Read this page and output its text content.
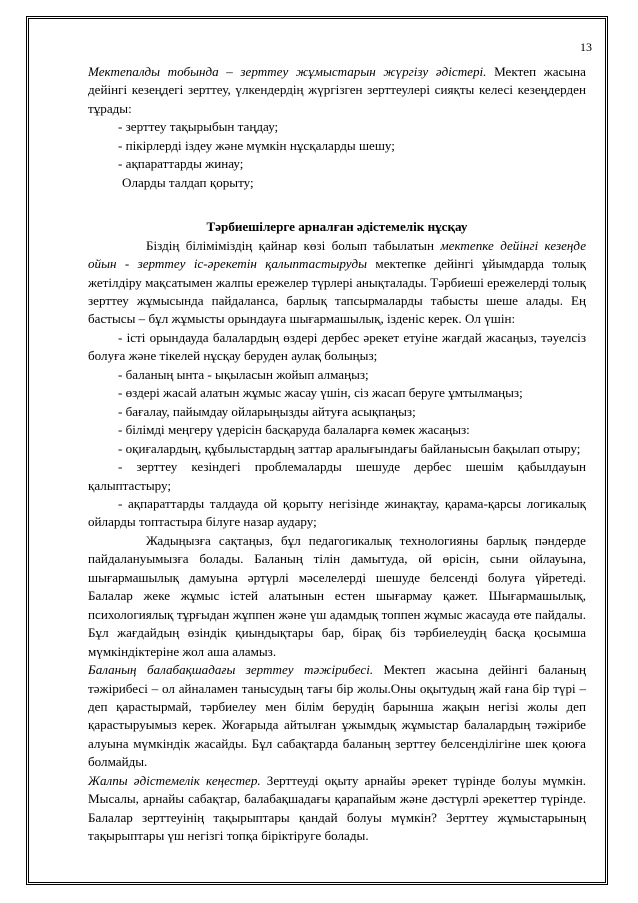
13

Мектепалды тобында – зерттеу жұмыстарын жүргізу әдістері. Мектеп жасына дейінгі кезеңдегі зерттеу, үлкендердің жүргізген зерттеулері сияқты келесі кезеңдерден тұрады:

- зерттеу тақырыбын таңдау;

- пікірлерді іздеу және мүмкін нұсқаларды шешу;

- ақпараттарды жинау;

Оларды талдап қорыту;

Тәрбиешілерге арналған әдістемелік нұсқау

Біздің біліміміздің қайнар көзі болып табылатын мектепке дейінгі кезеңде ойын - зерттеу іс-әрекетін қалыптастыруды мектепке дейінгі ұйымдарда толық жетілдіру мақсатымен жалпы ережелер түрлері анықталады. Тәрбиеші ережелерді толық зерттеу жұмысында пайдаланса, барлық тапсырмаларды табысты шеше алады. Ең бастысы – бұл жұмысты орындауға шығармашылық, ізденіс керек. Ол үшін:

- істі орындауда балалардың өздері дербес әрекет етуіне жағдай жасаңыз, тәуелсіз болуға және тікелей нұсқау беруден аулақ болыңыз;

- баланың ынта - ықыласын жойып алмаңыз;

- өздері жасай алатын жұмыс жасау үшін, сіз жасап беруге ұмтылмаңыз;

- бағалау, пайымдау ойларыңызды айтуға асықпаңыз;

- білімді меңгеру үдерісін басқаруда балаларға көмек жасаңыз:

- оқиғалардың, құбылыстардың заттар аралығындағы байланысын бақылап отыру;

- зерттеу кезіндегі проблемаларды шешуде дербес шешім қабылдауын қалыптастыру;

- ақпараттарды талдауда ой қорыту негізінде жинақтау, қарама-қарсы логикалық ойларды топтастыра білуге назар аудару;

Жадыңызға сақтаңыз, бұл педагогикалық технологияны барлық пәндерде пайдалануымызға болады. Баланың тілін дамытуда, ой өрісін, сыни ойлауына, шығармашылық дамуына әртүрлі мәселелерді шешуде белсенді болуға үйретеді. Балалар жеке жұмыс істей алатынын естен шығармау қажет. Шығармашылық, психологиялық тұрғыдан жұппен және үш адамдық топпен жұмыс жасауда өте пайдалы. Бұл жағдайдың өзіндік қиындықтары бар, бірақ біз тәрбиелеудің басқа қосымша мүмкіндіктеріне жол аша аламыз.

Баланың балабақшадағы зерттеу тәжірибесі. Мектеп жасына дейінгі баланың тәжірибесі – ол айналамен танысудың тағы бір жолы.Оны оқытудың жай ғана бір түрі – деп қарастырмай, тәрбиелеу мен білім берудің барынша жақын негізі жолы деп қарастыруымыз керек. Жоғарыда айтылған ұжымдық жұмыстар балалардың тәжірибе алуына мүмкіндік жасайды. Бұл сабақтарда баланың зерттеу белсенділігіне шек қоюға болмайды.

Жалпы әдістемелік кеңестер. Зерттеуді оқыту арнайы әрекет түрінде болуы мүмкін. Мысалы, арнайы сабақтар, балабақшадағы қарапайым және дәстүрлі әрекеттер түрінде. Балалар зерттеуінің тақырыптары қандай болуы мүмкін? Зерттеу жұмыстарының тақырыптары үш негізгі топқа біріктіруге болады.
